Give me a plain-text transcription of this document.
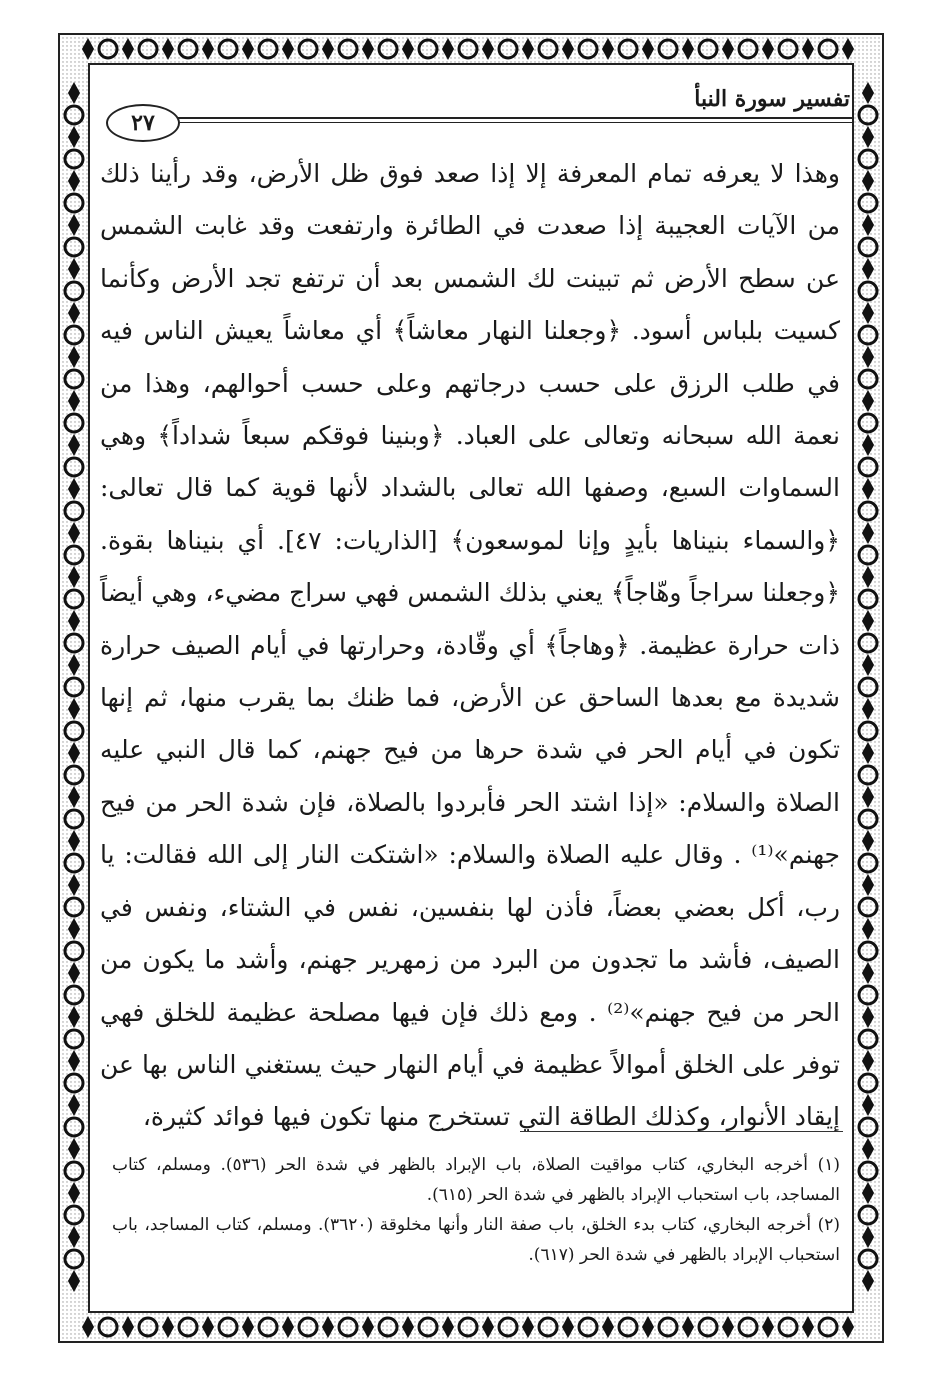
تفسير سورة النبأ
٢٧

وهذا لا يعرفه تمام المعرفة إلا إذا صعد فوق ظل الأرض، وقد رأينا ذلك من الآيات العجيبة إذا صعدت في الطائرة وارتفعت وقد غابت الشمس عن سطح الأرض ثم تبينت لك الشمس بعد أن ترتفع تجد الأرض وكأنما كسيت بلباس أسود. ﴿وجعلنا النهار معاشاً﴾ أي معاشاً يعيش الناس فيه في طلب الرزق على حسب درجاتهم وعلى حسب أحوالهم، وهذا من نعمة الله سبحانه وتعالى على العباد. ﴿وبنينا فوقكم سبعاً شداداً﴾ وهي السماوات السبع، وصفها الله تعالى بالشداد لأنها قوية كما قال تعالى: ﴿والسماء بنيناها بأيدٍ وإنا لموسعون﴾ [الذاريات: ٤٧]. أي بنيناها بقوة. ﴿وجعلنا سراجاً وهّاجاً﴾ يعني بذلك الشمس فهي سراج مضيء، وهي أيضاً ذات حرارة عظيمة. ﴿وهاجاً﴾ أي وقّادة، وحرارتها في أيام الصيف حرارة شديدة مع بعدها الساحق عن الأرض، فما ظنك بما يقرب منها، ثم إنها تكون في أيام الحر في شدة حرها من فيح جهنم، كما قال النبي عليه الصلاة والسلام: «إذا اشتد الحر فأبردوا بالصلاة، فإن شدة الحر من فيح جهنم»⁽¹⁾ . وقال عليه الصلاة والسلام: «اشتكت النار إلى الله فقالت: يا رب، أكل بعضي بعضاً، فأذن لها بنفسين، نفس في الشتاء، ونفس في الصيف، فأشد ما تجدون من البرد من زمهرير جهنم، وأشد ما يكون من الحر من فيح جهنم»⁽²⁾ . ومع ذلك فإن فيها مصلحة عظيمة للخلق فهي توفر على الخلق أموالاً عظيمة في أيام النهار حيث يستغني الناس بها عن إيقاد الأنوار، وكذلك الطاقة التي تستخرج منها تكون فيها فوائد كثيرة،

(١) أخرجه البخاري، كتاب مواقيت الصلاة، باب الإبراد بالظهر في شدة الحر (٥٣٦). ومسلم، كتاب المساجد، باب استحباب الإبراد بالظهر في شدة الحر (٦١٥).

(٢) أخرجه البخاري، كتاب بدء الخلق، باب صفة النار وأنها مخلوقة (٣٦٢٠). ومسلم، كتاب المساجد، باب استحباب الإبراد بالظهر في شدة الحر (٦١٧).
